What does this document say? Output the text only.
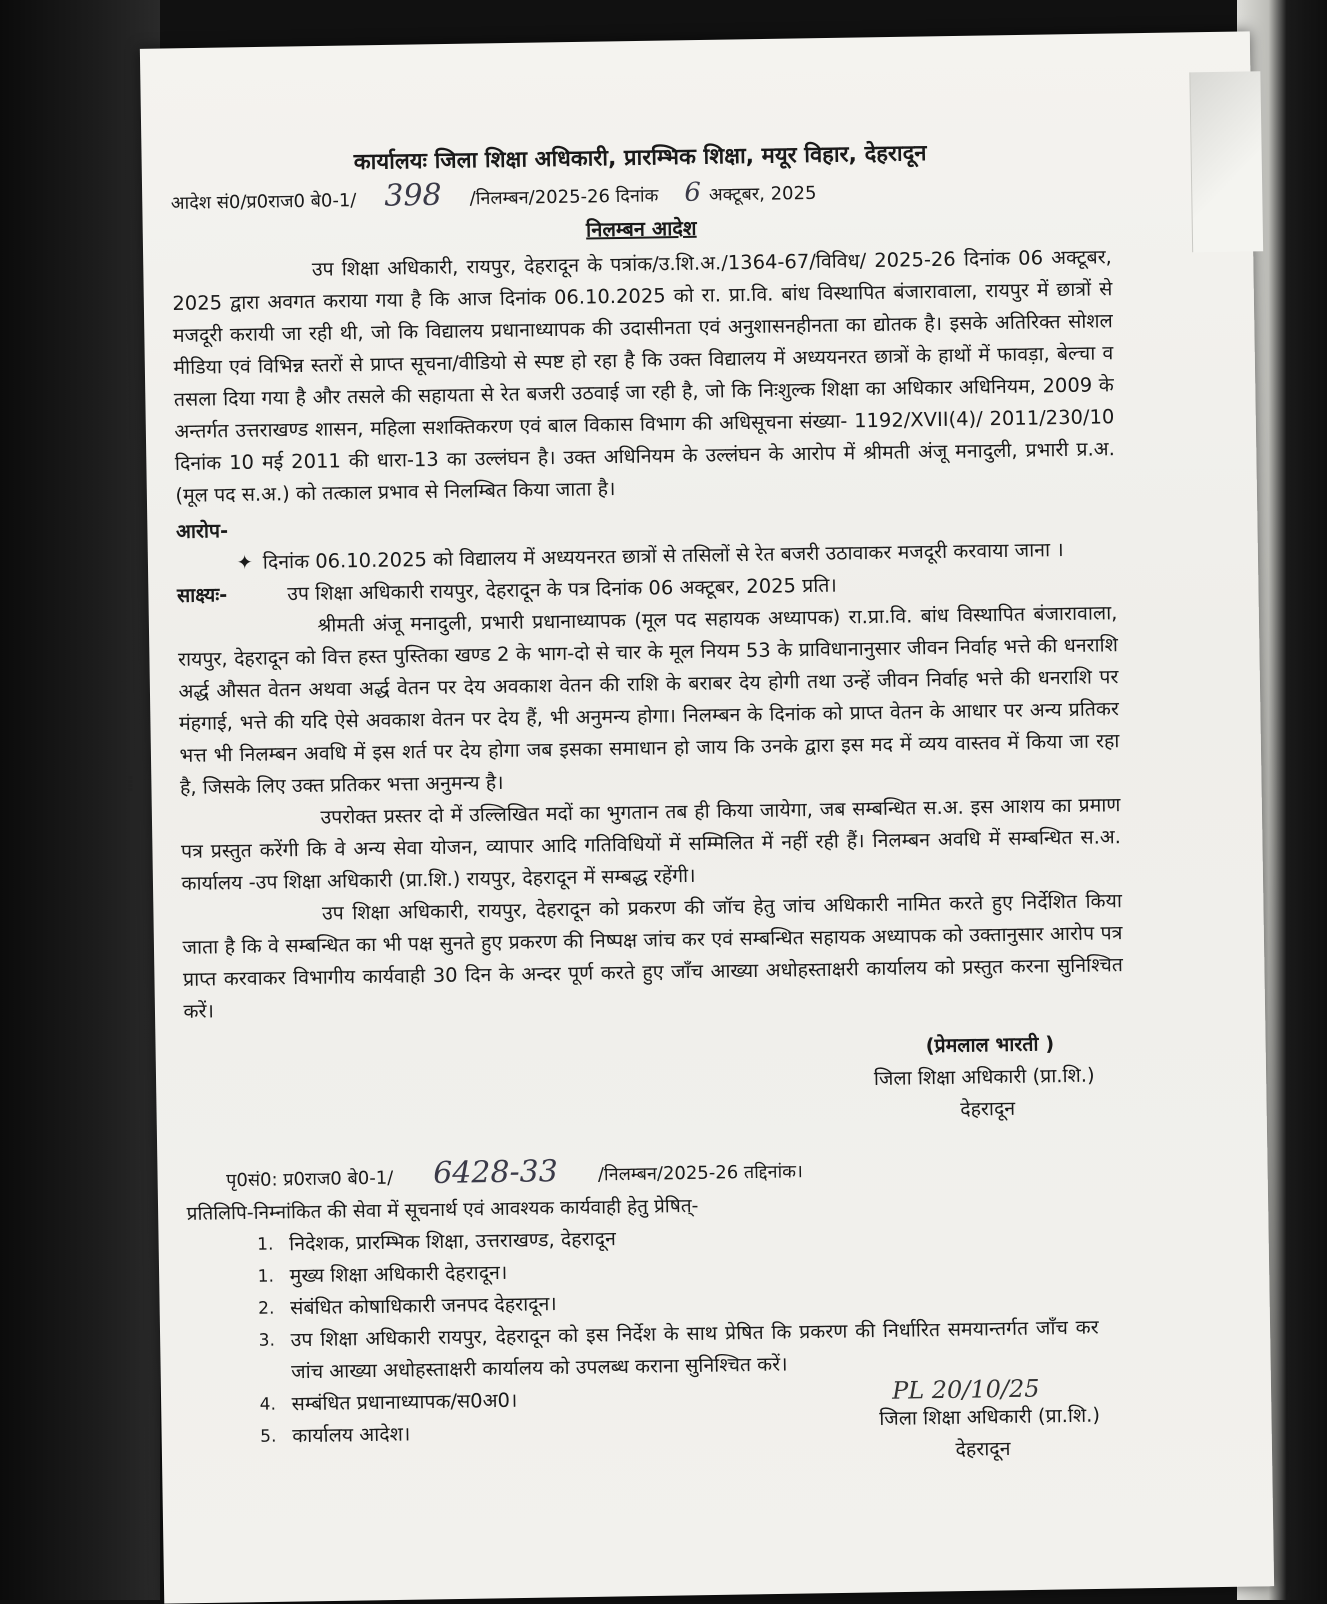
⁝
⁞
कार्यालयः जिला शिक्षा अधिकारी, प्रारम्भिक शिक्षा, मयूर विहार, देहरादून
आदेश सं0/प्र0राज0 बे0-1/ 398 /निलम्बन/2025-26 दिनांक 6 अक्टूबर, 2025
निलम्बन आदेश

उप शिक्षा अधिकारी, रायपुर, देहरादून के पत्रांक/उ.शि.अ./1364-67/विविध/ 2025-26 दिनांक 06 अक्टूबर, 2025 द्वारा अवगत कराया गया है कि आज दिनांक 06.10.2025 को रा. प्रा.वि. बांध विस्थापित बंजारावाला, रायपुर में छात्रों से मजदूरी करायी जा रही थी, जो कि विद्यालय प्रधानाध्यापक की उदासीनता एवं अनुशासनहीनता का द्योतक है। इसके अतिरिक्त सोशल मीडिया एवं विभिन्न स्तरों से प्राप्त सूचना/वीडियो से स्पष्ट हो रहा है कि उक्त विद्यालय में अध्ययनरत छात्रों के हाथों में फावड़ा, बेल्चा व तसला दिया गया है और तसले की सहायता से रेत बजरी उठवाई जा रही है, जो कि निःशुल्क शिक्षा का अधिकार अधिनियम, 2009 के अन्तर्गत उत्तराखण्ड शासन, महिला सशक्तिकरण एवं बाल विकास विभाग की अधिसूचना संख्या- 1192/XVII(4)/ 2011/230/10 दिनांक 10 मई 2011 की धारा-13 का उल्लंघन है। उक्त अधिनियम के उल्लंघन के आरोप में श्रीमती अंजू मनादुली, प्रभारी प्र.अ. (मूल पद स.अ.) को तत्काल प्रभाव से निलम्बित किया जाता है।

आरोप-
✦ दिनांक 06.10.2025 को विद्यालय में अध्ययनरत छात्रों से तसिलों से रेत बजरी उठावाकर मजदूरी करवाया जाना ।
साक्ष्यः-	उप शिक्षा अधिकारी रायपुर, देहरादून के पत्र दिनांक 06 अक्टूबर, 2025 प्रति।

श्रीमती अंजू मनादुली, प्रभारी प्रधानाध्यापक (मूल पद सहायक अध्यापक) रा.प्रा.वि. बांध विस्थापित बंजारावाला, रायपुर, देहरादून को वित्त हस्त पुस्तिका खण्ड 2 के भाग-दो से चार के मूल नियम 53 के प्राविधानानुसार जीवन निर्वाह भत्ते की धनराशि अर्द्ध औसत वेतन अथवा अर्द्ध वेतन पर देय अवकाश वेतन की राशि के बराबर देय होगी तथा उन्हें जीवन निर्वाह भत्ते की धनराशि पर मंहगाई, भत्ते की यदि ऐसे अवकाश वेतन पर देय हैं, भी अनुमन्य होगा। निलम्बन के दिनांक को प्राप्त वेतन के आधार पर अन्य प्रतिकर भत्त भी निलम्बन अवधि में इस शर्त पर देय होगा जब इसका समाधान हो जाय कि उनके द्वारा इस मद में व्यय वास्तव में किया जा रहा है, जिसके लिए उक्त प्रतिकर भत्ता अनुमन्य है।

उपरोक्त प्रस्तर दो में उल्लिखित मदों का भुगतान तब ही किया जायेगा, जब सम्बन्धित स.अ. इस आशय का प्रमाण पत्र प्रस्तुत करेंगी कि वे अन्य सेवा योजन, व्यापार आदि गतिविधियों में सम्मिलित में नहीं रही हैं। निलम्बन अवधि में सम्बन्धित स.अ. कार्यालय -उप शिक्षा अधिकारी (प्रा.शि.) रायपुर, देहरादून में सम्बद्ध रहेंगी।

उप शिक्षा अधिकारी, रायपुर, देहरादून को प्रकरण की जॉच हेतु जांच अधिकारी नामित करते हुए निर्देशित किया जाता है कि वे सम्बन्धित का भी पक्ष सुनते हुए प्रकरण की निष्पक्ष जांच कर एवं सम्बन्धित सहायक अध्यापक को उक्तानुसार आरोप पत्र प्राप्त करवाकर विभागीय कार्यवाही 30 दिन के अन्दर पूर्ण करते हुए जाँच आख्या अधोहस्ताक्षरी कार्यालय को प्रस्तुत करना सुनिश्चित करें।

(प्रेमलाल भारती )
जिला शिक्षा अधिकारी (प्रा.शि.)
देहरादून
पृ0सं0: प्र0राज0 बे0-1/ 6428-33 /निलम्बन/2025-26 तद्दिनांक।
प्रतिलिपि-निम्नांकित की सेवा में सूचनार्थ एवं आवश्यक कार्यवाही हेतु प्रेषित्-
1. निदेशक, प्रारम्भिक शिक्षा, उत्तराखण्ड, देहरादून
1. मुख्य शिक्षा अधिकारी देहरादून।
2. संबंधित कोषाधिकारी जनपद देहरादून।
3. उप शिक्षा अधिकारी रायपुर, देहरादून को इस निर्देश के साथ प्रेषित कि प्रकरण की निर्धारित समयान्तर्गत जाँच कर जांच आख्या अधोहस्ताक्षरी कार्यालय को उपलब्ध कराना सुनिश्चित करें।
4. सम्बंधित प्रधानाध्यापक/स0अ0।
5. कार्यालय आदेश।
PL 20/10/25
जिला शिक्षा अधिकारी (प्रा.शि.)
देहरादून
